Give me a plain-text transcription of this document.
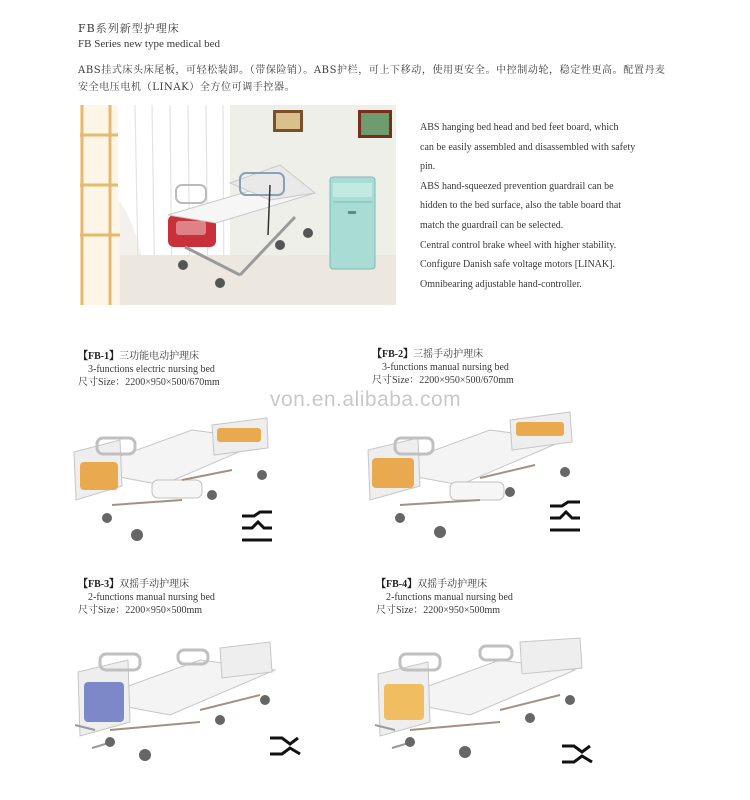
FB系列新型护理床
FB Series new type medical bed
ABS挂式床头床尾板，可轻松装卸。（带保险销）。ABS护栏，可上下移动，使用更安全。中控制动轮，稳定性更高。配置丹麦
安全电压电机（LINAK）全方位可调手控器。
ABS hanging bed head and bed feet board, which
can be easily assembled and disassembled with safety
pin.
ABS hand-squeezed prevention guardrail can be
hidden to the bed surface, also the table board that
match the guardrail can be selected.
Central control brake wheel with higher stability.
Configure Danish safe voltage motors [LINAK].
Omnibearing adjustable hand-controller.
【FB-1】三功能电动护理床
3-functions electric nursing bed
尺寸Size：2200×950×500/670mm
【FB-2】三摇手动护理床
3-functions manual nursing bed
尺寸Size：2200×950×500/670mm
【FB-3】双摇手动护理床
2-functions manual nursing bed
尺寸Size：2200×950×500mm
【FB-4】双摇手动护理床
2-functions manual nursing bed
尺寸Size：2200×950×500mm
von.en.alibaba.com
